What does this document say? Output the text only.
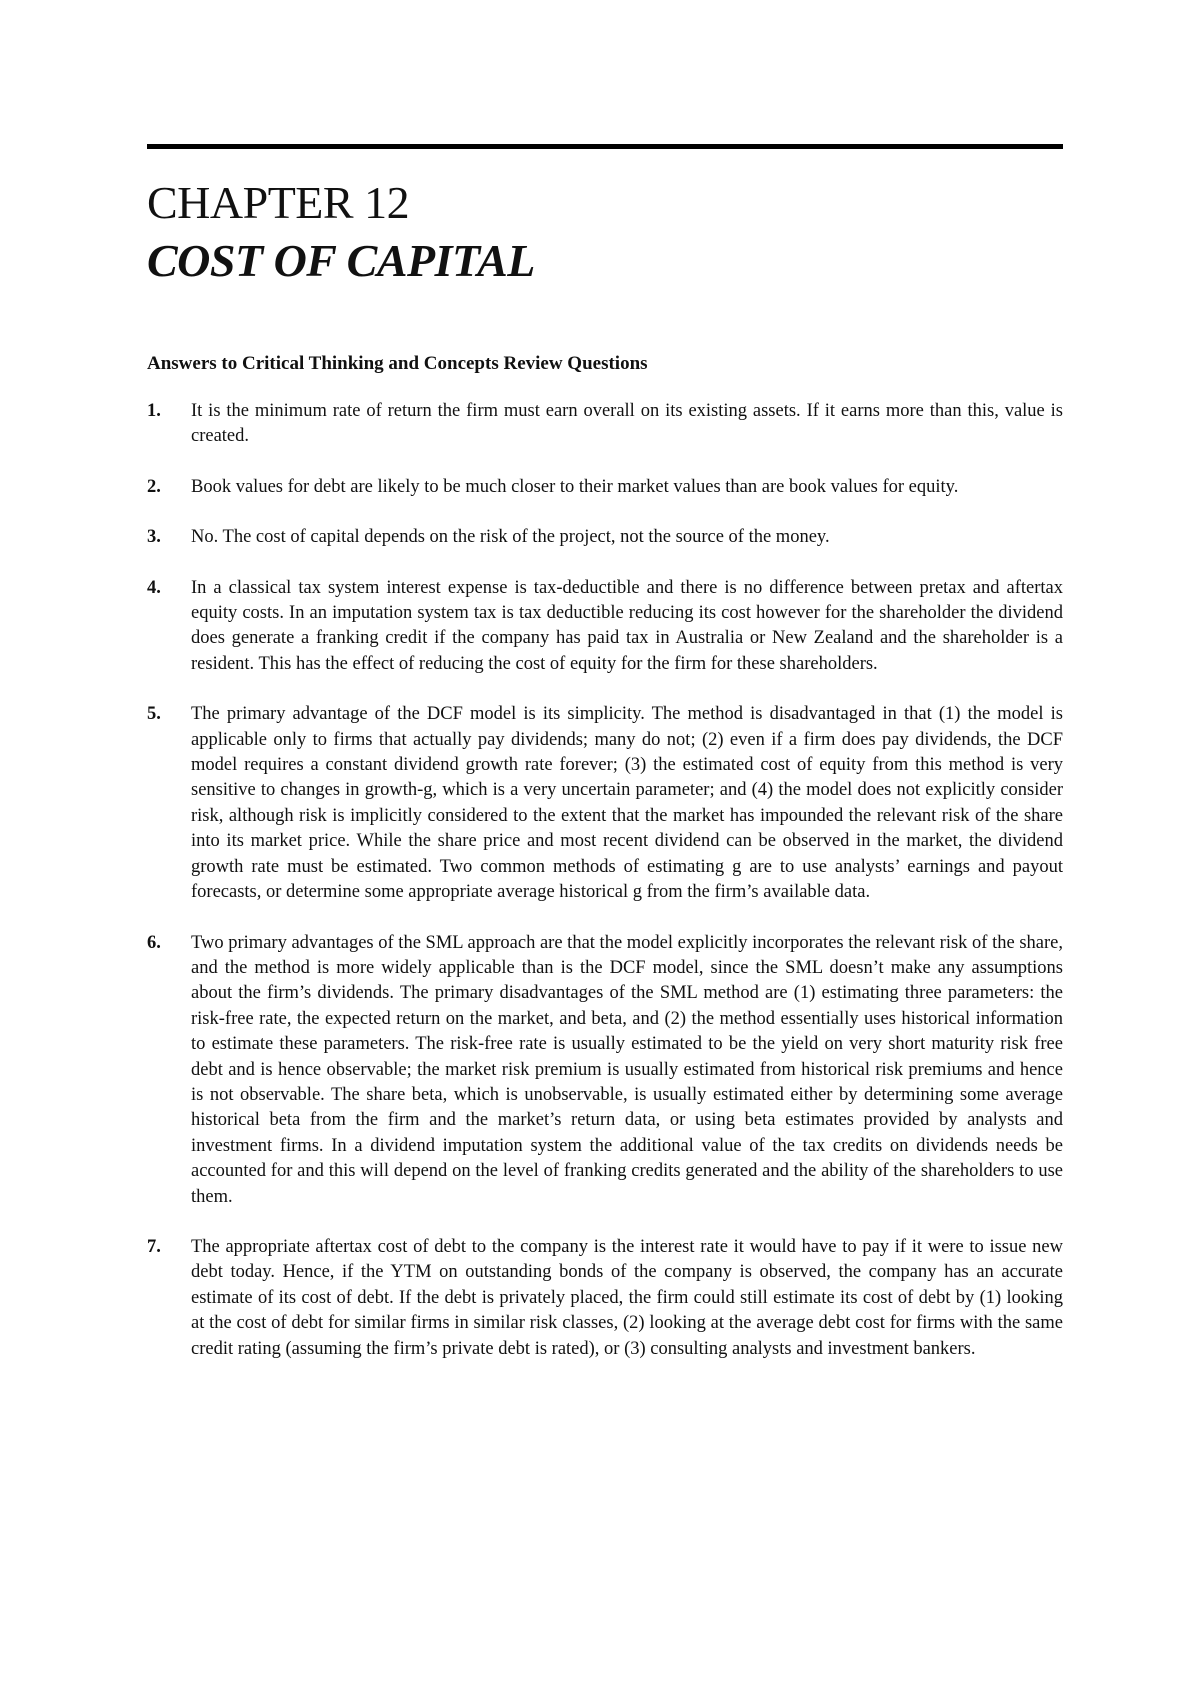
CHAPTER 12
COST OF CAPITAL
Answers to Critical Thinking and Concepts Review Questions
1.	It is the minimum rate of return the firm must earn overall on its existing assets. If it earns more than this, value is created.
2.	Book values for debt are likely to be much closer to their market values than are book values for equity.
3.	No. The cost of capital depends on the risk of the project, not the source of the money.
4.	In a classical tax system interest expense is tax-deductible and there is no difference between pretax and aftertax equity costs. In an imputation system tax is tax deductible reducing its cost however for the shareholder the dividend does generate a franking credit if the company has paid tax in Australia or New Zealand and the shareholder is a resident. This has the effect of reducing the cost of equity for the firm for these shareholders.
5.	The primary advantage of the DCF model is its simplicity. The method is disadvantaged in that (1) the model is applicable only to firms that actually pay dividends; many do not; (2) even if a firm does pay dividends, the DCF model requires a constant dividend growth rate forever; (3) the estimated cost of equity from this method is very sensitive to changes in growth-g, which is a very uncertain parameter; and (4) the model does not explicitly consider risk, although risk is implicitly considered to the extent that the market has impounded the relevant risk of the share into its market price. While the share price and most recent dividend can be observed in the market, the dividend growth rate must be estimated. Two common methods of estimating g are to use analysts’ earnings and payout forecasts, or determine some appropriate average historical g from the firm’s available data.
6.	Two primary advantages of the SML approach are that the model explicitly incorporates the relevant risk of the share, and the method is more widely applicable than is the DCF model, since the SML doesn’t make any assumptions about the firm’s dividends. The primary disadvantages of the SML method are (1) estimating three parameters: the risk-free rate, the expected return on the market, and beta, and (2) the method essentially uses historical information to estimate these parameters. The risk-free rate is usually estimated to be the yield on very short maturity risk free debt and is hence observable; the market risk premium is usually estimated from historical risk premiums and hence is not observable. The share beta, which is unobservable, is usually estimated either by determining some average historical beta from the firm and the market’s return data, or using beta estimates provided by analysts and investment firms. In a dividend imputation system the additional value of the tax credits on dividends needs be accounted for and this will depend on the level of franking credits generated and the ability of the shareholders to use them.
7.	The appropriate aftertax cost of debt to the company is the interest rate it would have to pay if it were to issue new debt today. Hence, if the YTM on outstanding bonds of the company is observed, the company has an accurate estimate of its cost of debt. If the debt is privately placed, the firm could still estimate its cost of debt by (1) looking at the cost of debt for similar firms in similar risk classes, (2) looking at the average debt cost for firms with the same credit rating (assuming the firm’s private debt is rated), or (3) consulting analysts and investment bankers.
